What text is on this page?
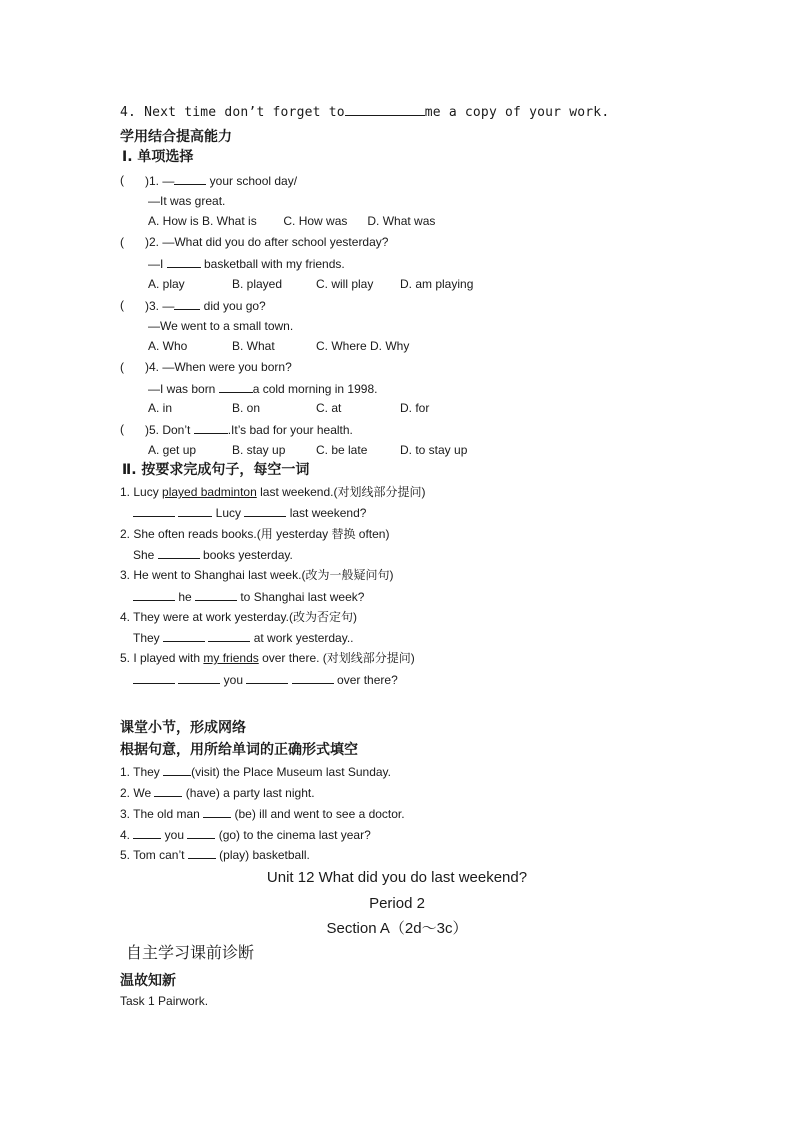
4. Next time don’t forget to	me a copy of your work.
学用结合提高能力
Ⅰ. 单项选择
( )1. —	your school day/
—It was great.
A. How is B. What is        C. How was      D. What was
( )2. —What did you do after school yesterday?
—I	basketball with my friends.
A. play	B. played	C. will play D. am playing
( )3. — did you go?
—We went to a small town.
A. Who	B. What	C. Where D. Why
( )4. —When were you born?
—I was born	a cold morning in 1998.
A. in	B. on	C. at	D. for
( )5. Don’t	.It’s bad for your health.
A. get up	B. stay up	C. be late	D. to stay up
Ⅱ. 按要求完成句子，每空一词
1. Lucy played badminton last weekend.(对划线部分提问)
Lucy	last weekend?
2. She often reads books.(用 yesterday 替换 often)
She	books yesterday.
3. He went to Shanghai last week.(改为一般疑问句)
he	to Shanghai last week?
4. They were at work yesterday.(改为否定句)
They	at work yesterday..
5. I played with my friends over there. (对划线部分提问)
you	over there?
课堂小节，形成网络
根据句意，用所给单词的正确形式填空
1. They (visit) the Place Museum last Sunday.
2. We  (have) a party last night.
3. The old man  (be) ill and went to see a doctor.
4.  you  (go) to the cinema last year?
5. Tom can’t  (play) basketball.
Unit 12 What did you do last weekend?
Period 2
Section A（2d～3c）
自主学习课前诊断
温故知新
Task 1 Pairwork.
